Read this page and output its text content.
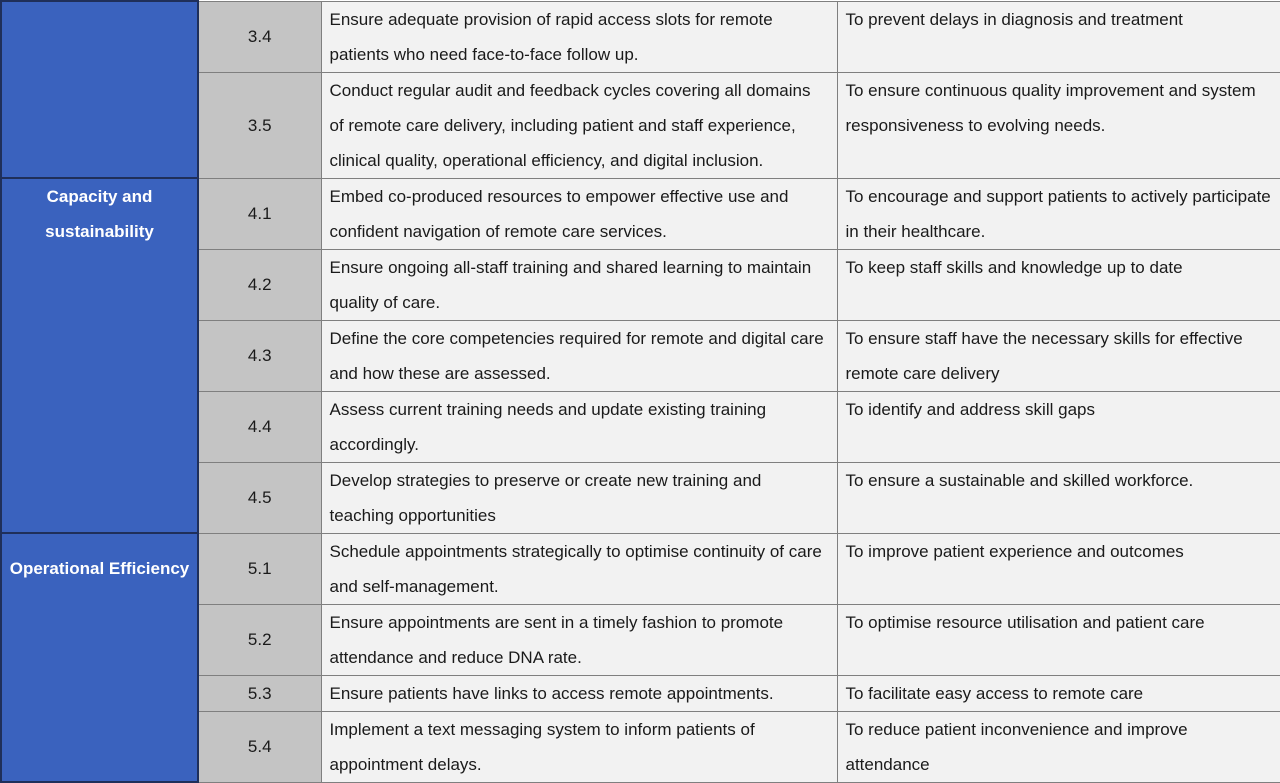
	3.4	Ensure adequate provision of rapid access slots for remote patients who need face-to-face follow up.	To prevent delays in diagnosis and treatment
	3.5	Conduct regular audit and feedback cycles covering all domains of remote care delivery, including patient and staff experience, clinical quality, operational efficiency, and digital inclusion.	To ensure continuous quality improvement and system responsiveness to evolving needs.
Capacity and sustainability	4.1	Embed co-produced resources to empower effective use and confident navigation of remote care services.	To encourage and support patients to actively participate in their healthcare.
	4.2	Ensure ongoing all-staff training and shared learning to maintain quality of care.	To keep staff skills and knowledge up to date
	4.3	Define the core competencies required for remote and digital care and how these are assessed.	To ensure staff have the necessary skills for effective remote care delivery
	4.4	Assess current training needs and update existing training accordingly.	To identify and address skill gaps
	4.5	Develop strategies to preserve or create new training and teaching opportunities	To ensure a sustainable and skilled workforce.
Operational Efficiency	5.1	Schedule appointments strategically to optimise continuity of care and self-management.	To improve patient experience and outcomes
	5.2	Ensure appointments are sent in a timely fashion to promote attendance and reduce DNA rate.	To optimise resource utilisation and patient care
	5.3	Ensure patients have links to access remote appointments.	To facilitate easy access to remote care
	5.4	Implement a text messaging system to inform patients of appointment delays.	To reduce patient inconvenience and improve attendance
